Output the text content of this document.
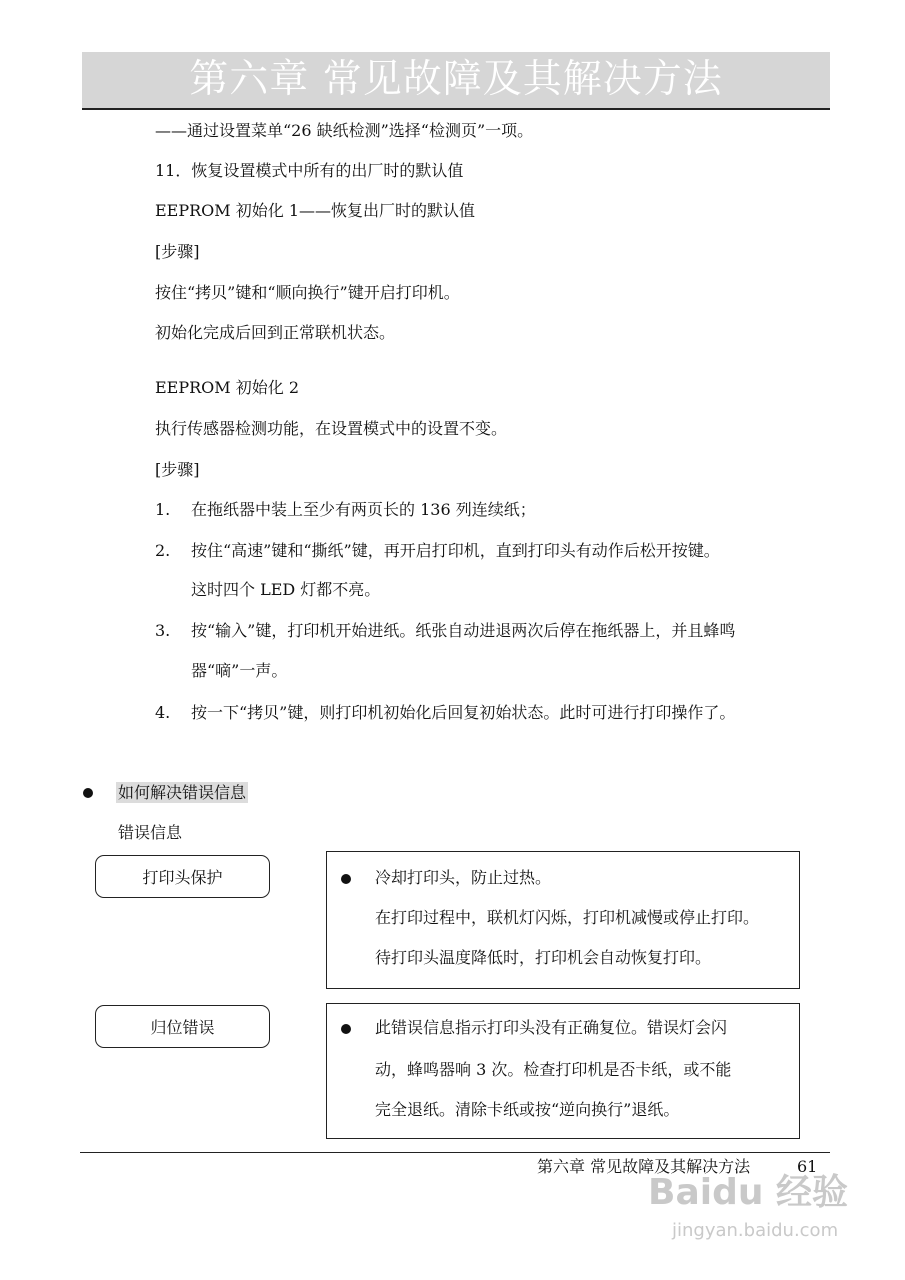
第六章 常见故障及其解决方法
——通过设置菜单“26 缺纸检测”选择“检测页”一项。
11．恢复设置模式中所有的出厂时的默认值
EEPROM 初始化 1——恢复出厂时的默认值
[步骤]
按住“拷贝”键和“顺向换行”键开启打印机。
初始化完成后回到正常联机状态。
EEPROM 初始化 2
执行传感器检测功能，在设置模式中的设置不变。
[步骤]
1. 在拖纸器中装上至少有两页长的 136 列连续纸；
2. 按住“高速”键和“撕纸”键，再开启打印机，直到打印头有动作后松开按键。
这时四个 LED 灯都不亮。
3. 按“输入”键，打印机开始进纸。纸张自动进退两次后停在拖纸器上，并且蜂鸣
器“嘀”一声。
4. 按一下“拷贝”键，则打印机初始化后回复初始状态。此时可进行打印操作了。
如何解决错误信息
错误信息
打印头保护	冷却打印头，防止过热。
在打印过程中，联机灯闪烁，打印机减慢或停止打印。
待打印头温度降低时，打印机会自动恢复打印。
归位错误	此错误信息指示打印头没有正确复位。错误灯会闪
动，蜂鸣器响 3 次。检查打印机是否卡纸，或不能
完全退纸。清除卡纸或按“逆向换行”退纸。
第六章 常见故障及其解决方法	61
Baidu 经验
jingyan.baidu.com
